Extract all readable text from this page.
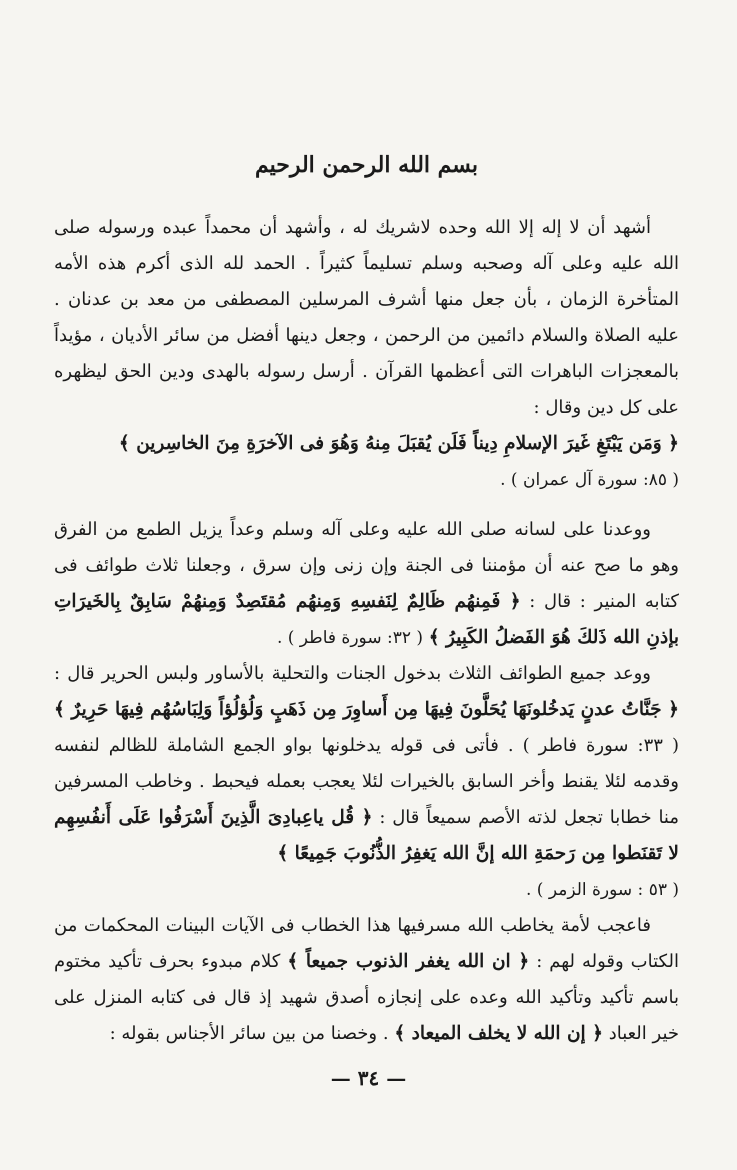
بسم الله الرحمن الرحيم

أشهد أن لا إله إلا الله وحده لاشريك له ، وأشهد أن محمداً عبده ورسوله صلى الله عليه وعلى آله وصحبه وسلم تسليماً كثيراً . الحمد لله الذى أكرم هذه الأمه المتأخرة الزمان ، بأن جعل منها أشرف المرسلين المصطفى من معد بن عدنان . عليه الصلاة والسلام دائمين من الرحمن ، وجعل دينها أفضل من سائر الأديان ، مؤيداً بالمعجزات الباهرات التى أعظمها القرآن . أرسل رسوله بالهدى ودين الحق ليظهره على كل دين وقال :

﴿ وَمَن يَبْتَغِ غَيرَ الإسلامِ دِيناً فَلَن يُقبَلَ مِنهُ وَهُوَ فى الآخرَةِ مِنَ الخاسِرين ﴾

( ٨٥: سورة آل عمران ) .

ووعدنا على لسانه صلى الله عليه وعلى آله وسلم وعداً يزيل الطمع من الفرق وهو ما صح عنه أن مؤمننا فى الجنة وإن زنى وإن سرق ، وجعلنا ثلاث طوائف فى كتابه المنير : قال : ﴿ فَمِنهُم ظَالِمٌ لِنَفسِهِ وَمِنهُم مُقتَصِدٌ وَمِنهُمْ سَابِقٌ بِالخَيرَاتِ بإذنِ الله ذَلكَ هُوَ الفَضلُ الكَبِيرُ ﴾ ( ٣٢: سورة فاطر ) .

ووعد جميع الطوائف الثلاث بدخول الجنات والتحلية بالأساور ولبس الحرير قال : ﴿ جَنَّاتُ عدنٍ يَدخُلونَهَا يُحَلَّونَ فِيهَا مِن أَساوِرَ مِن ذَهَبٍ وَلُؤلُؤاً وَلِبَاسُهُم فِيهَا حَرِيرٌ ﴾ ( ٣٣: سورة فاطر ) . فأتى فى قوله يدخلونها بواو الجمع الشاملة للظالم لنفسه وقدمه لئلا يقنط وأخر السابق بالخيرات لئلا يعجب بعمله فيحبط . وخاطب المسرفين منا خطابا تجعل لذته الأصم سميعاً قال : ﴿ قُل ياعِبادِىَ الَّذِينَ أَسْرَفُوا عَلَى أَنفُسِهِم لا تَقنَطوا مِن رَحمَةِ الله إنَّ الله يَغفِرُ الذُّنُوبَ جَمِيعًا ﴾

( ٥٣ : سورة الزمر ) .

فاعجب لأمة يخاطب الله مسرفيها هذا الخطاب فى الآيات البينات المحكمات من الكتاب وقوله لهم : ﴿ ان الله يغفر الذنوب جميعاً ﴾ كلام مبدوء بحرف تأكيد مختوم باسم تأكيد وتأكيد الله وعده على إنجازه أصدق شهيد إذ قال فى كتابه المنزل على خير العباد ﴿ إن الله لا يخلف الميعاد ﴾ . وخصنا من بين سائر الأجناس بقوله :

— ٣٤ —
